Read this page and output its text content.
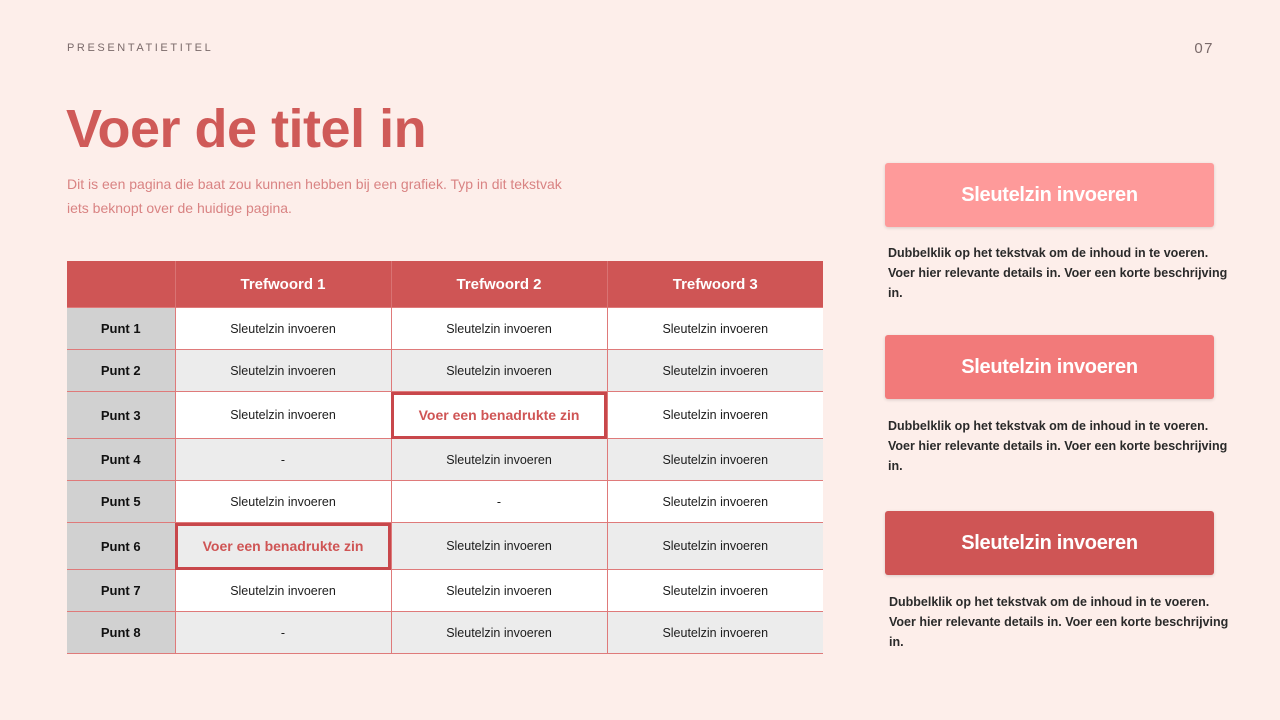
PRESENTATIETITEL	07
Voer de titel in
Dit is een pagina die baat zou kunnen hebben bij een grafiek. Typ in dit tekstvak iets beknopt over de huidige pagina.
	Trefwoord 1	Trefwoord 2	Trefwoord 3
Punt 1	Sleutelzin invoeren	Sleutelzin invoeren	Sleutelzin invoeren
Punt 2	Sleutelzin invoeren	Sleutelzin invoeren	Sleutelzin invoeren
Punt 3	Sleutelzin invoeren	Voer een benadrukte zin	Sleutelzin invoeren
Punt 4	-	Sleutelzin invoeren	Sleutelzin invoeren
Punt 5	Sleutelzin invoeren	-	Sleutelzin invoeren
Punt 6	Voer een benadrukte zin	Sleutelzin invoeren	Sleutelzin invoeren
Punt 7	Sleutelzin invoeren	Sleutelzin invoeren	Sleutelzin invoeren
Punt 8	-	Sleutelzin invoeren	Sleutelzin invoeren
Sleutelzin invoeren
Dubbelklik op het tekstvak om de inhoud in te voeren. Voer hier relevante details in. Voer een korte beschrijving in.
Sleutelzin invoeren
Dubbelklik op het tekstvak om de inhoud in te voeren. Voer hier relevante details in. Voer een korte beschrijving in.
Sleutelzin invoeren
Dubbelklik op het tekstvak om de inhoud in te voeren. Voer hier relevante details in. Voer een korte beschrijving in.
